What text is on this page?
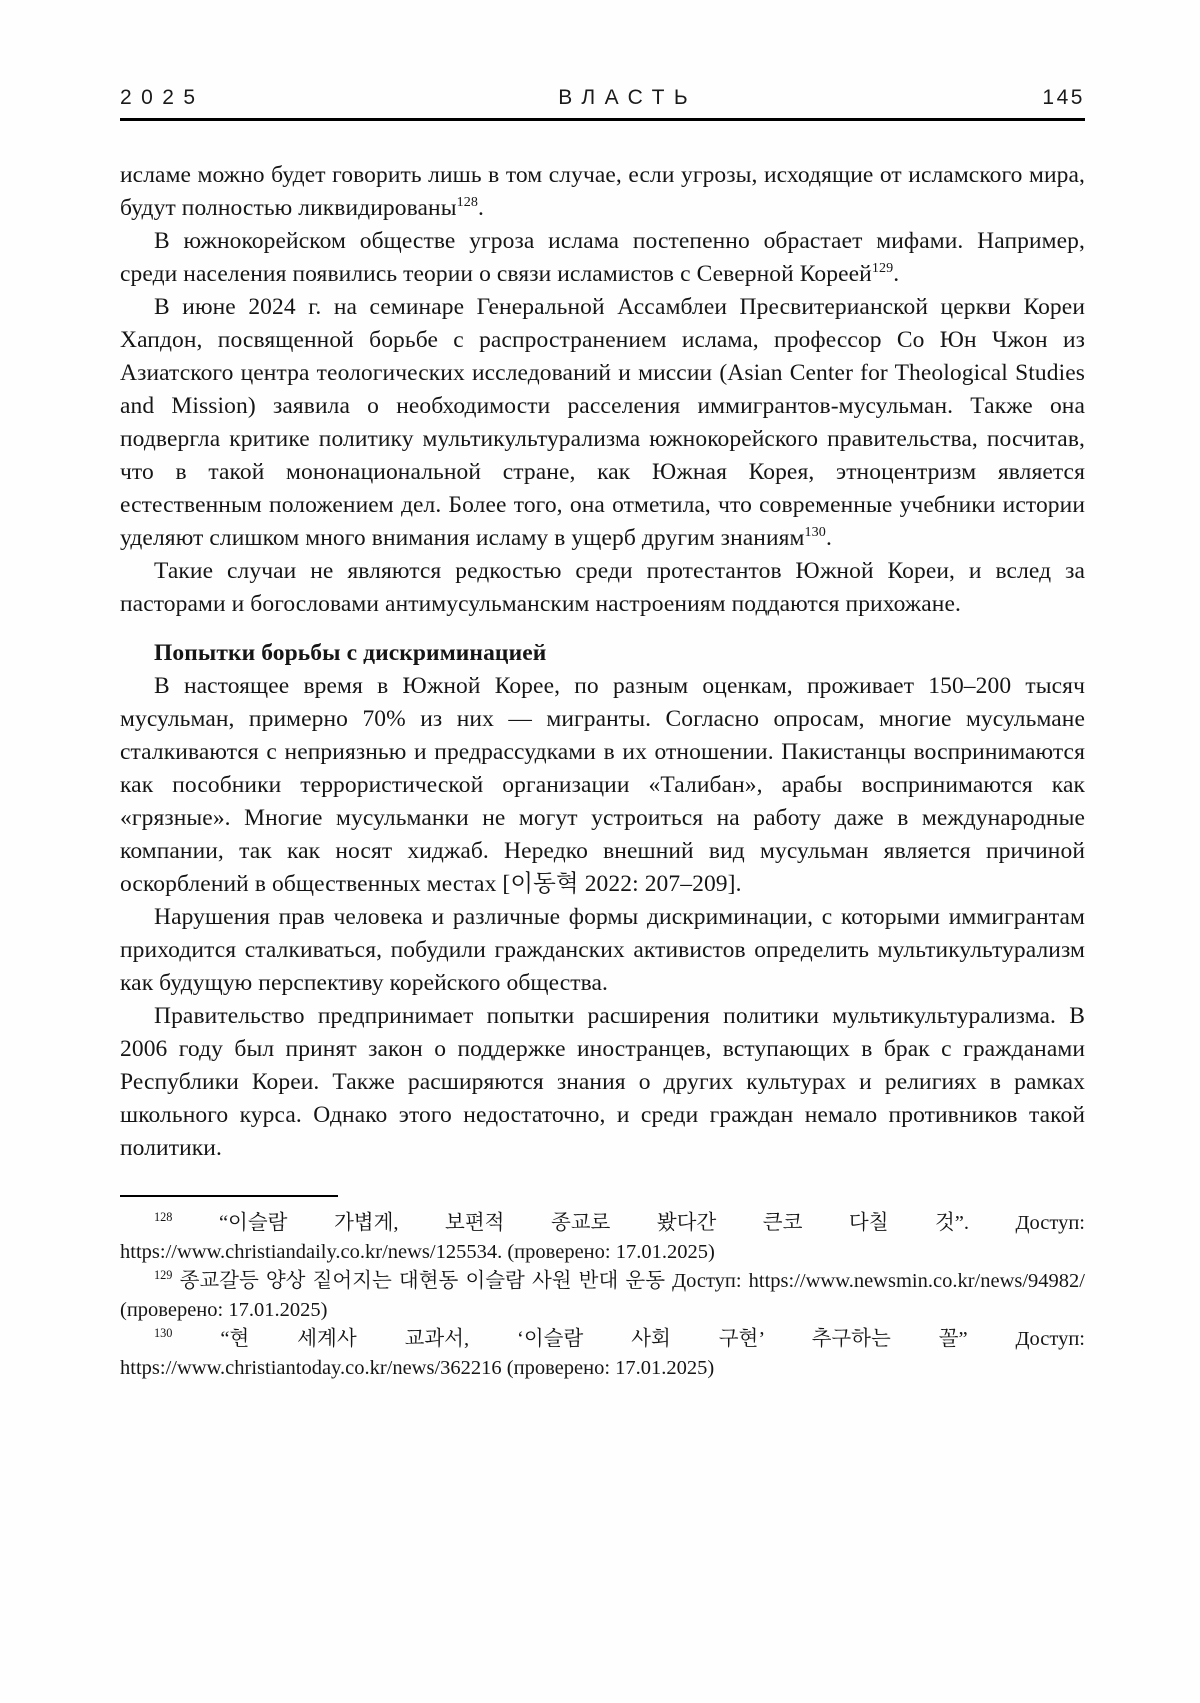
2025	ВЛАСТЬ	145

исламе можно будет говорить лишь в том случае, если угрозы, исходящие от исламского мира, будут полностью ликвидированы$^{128}$.

В южнокорейском обществе угроза ислама постепенно обрастает мифами. Например, среди населения появились теории о связи исламистов с Северной Кореей$^{129}$.

В июне 2024 г. на семинаре Генеральной Ассамблеи Пресвитерианской церкви Кореи Хапдон, посвященной борьбе с распространением ислама, профессор Со Юн Чжон из Азиатского центра теологических исследований и миссии (Asian Center for Theological Studies and Mission) заявила о необходимости расселения иммигрантов-мусульман. Также она подвергла критике политику мультикультурализма южнокорейского правительства, посчитав, что в такой мононациональной стране, как Южная Корея, этноцентризм является естественным положением дел. Более того, она отметила, что современные учебники истории уделяют слишком много внимания исламу в ущерб другим знаниям$^{130}$.

Такие случаи не являются редкостью среди протестантов Южной Кореи, и вслед за пасторами и богословами антимусульманским настроениям поддаются прихожане.

Попытки борьбы с дискриминацией

В настоящее время в Южной Корее, по разным оценкам, проживает 150–200 тысяч мусульман, примерно 70% из них — мигранты. Согласно опросам, многие мусульмане сталкиваются с неприязнью и предрассудками в их отношении. Пакистанцы воспринимаются как пособники террористической организации «Талибан», арабы воспринимаются как «грязные». Многие мусульманки не могут устроиться на работу даже в международные компании, так как носят хиджаб. Нередко внешний вид мусульман является причиной оскорблений в общественных местах [이동혁 2022: 207–209].

Нарушения прав человека и различные формы дискриминации, с которыми иммигрантам приходится сталкиваться, побудили гражданских активистов определить мультикультурализм как будущую перспективу корейского общества.

Правительство предпринимает попытки расширения политики мультикультурализма. В 2006 году был принят закон о поддержке иностранцев, вступающих в брак с гражданами Республики Кореи. Также расширяются знания о других культурах и религиях в рамках школьного курса. Однако этого недостаточно, и среди граждан немало противников такой политики.

$^{128}$ “이슬람 가볍게, 보편적 종교로 봤다간 큰코 다칠 것”. Доступ: https://www.christiandaily.co.kr/news/125534. (проверено: 17.01.2025)

$^{129}$ 종교갈등 양상 짙어지는 대현동 이슬람 사원 반대 운동 Доступ: https://www.newsmin.co.kr/news/94982/ (проверено: 17.01.2025)

$^{130}$ “현 세계사 교과서, ‘이슬람 사회 구현’ 추구하는 꼴” Доступ: https://www.christiantoday.co.kr/news/362216 (проверено: 17.01.2025)
